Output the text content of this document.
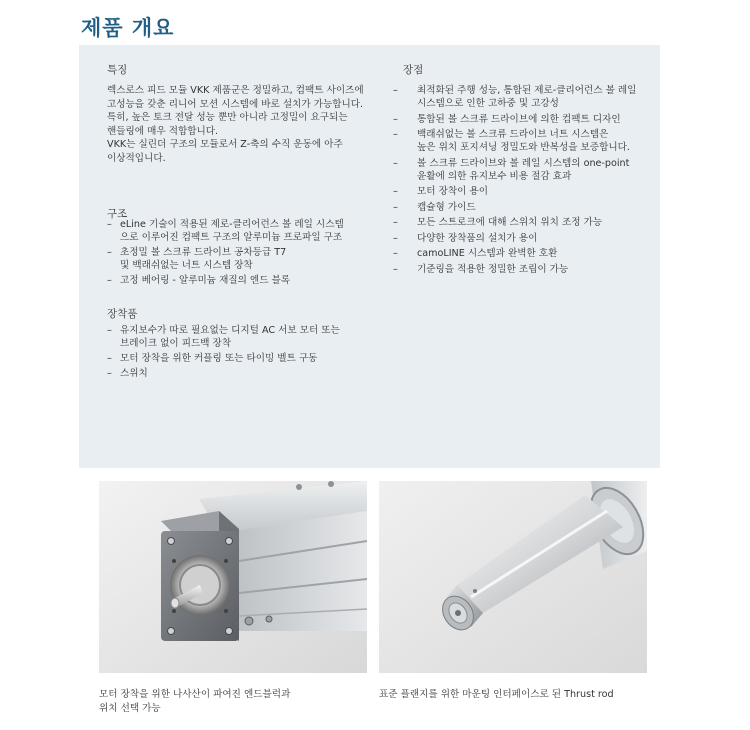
제품 개요
특징
렉스로스 피드 모듈 VKK 제품군은 정밀하고, 컴팩트 사이즈에
고성능을 갖춘 리니어 모션 시스템에 바로 설치가 가능합니다.
특히, 높은 토크 전달 성능 뿐만 아니라 고정밀이 요구되는
핸들링에 매우 적합합니다.
VKK는 실린더 구조의 모듈로서 Z-축의 수직 운동에 아주
이상적입니다.
구조
– eLine 기술이 적용된 제로-클리어런스 볼 레일 시스템
으로 이루어진 컴팩트 구조의 알루미늄 프로파일 구조
– 초정밀 볼 스크류 드라이브 공차등급 T7
및 백래쉬없는 너트 시스템 장착
– 고정 베어링 - 알루미늄 재질의 엔드 블록
장착품
– 유지보수가 따로 필요없는 디지털 AC 서보 모터 또는
브레이크 없이 피드백 장착
– 모터 장착을 위한 커플링 또는 타이밍 벨트 구동
– 스위치
장점
– 최적화된 주행 성능, 통합된 제로-클리어런스 볼 레일
시스템으로 인한 고하중 및 고강성
– 통합된 볼 스크류 드라이브에 의한 컴팩트 디자인
– 백래쉬없는 볼 스크류 드라이브 너트 시스템은
높은 위치 포지셔닝 정밀도와 반복성을 보증합니다.
– 볼 스크류 드라이브와 볼 레일 시스템의 one-point
윤활에 의한 유지보수 비용 절감 효과
– 모터 장착이 용이
– 캡슐형 가이드
– 모든 스트로크에 대해 스위치 위치 조정 가능
– 다양한 장착품의 설치가 용이
– camoLINE 시스템과 완벽한 호환
– 기준링을 적용한 정밀한 조립이 가능
모터 장착을 위한 나사산이 파여진 엔드블럭과
위치 선택 가능
표준 플랜지를 위한 마운팅 인터페이스로 된 Thrust rod
